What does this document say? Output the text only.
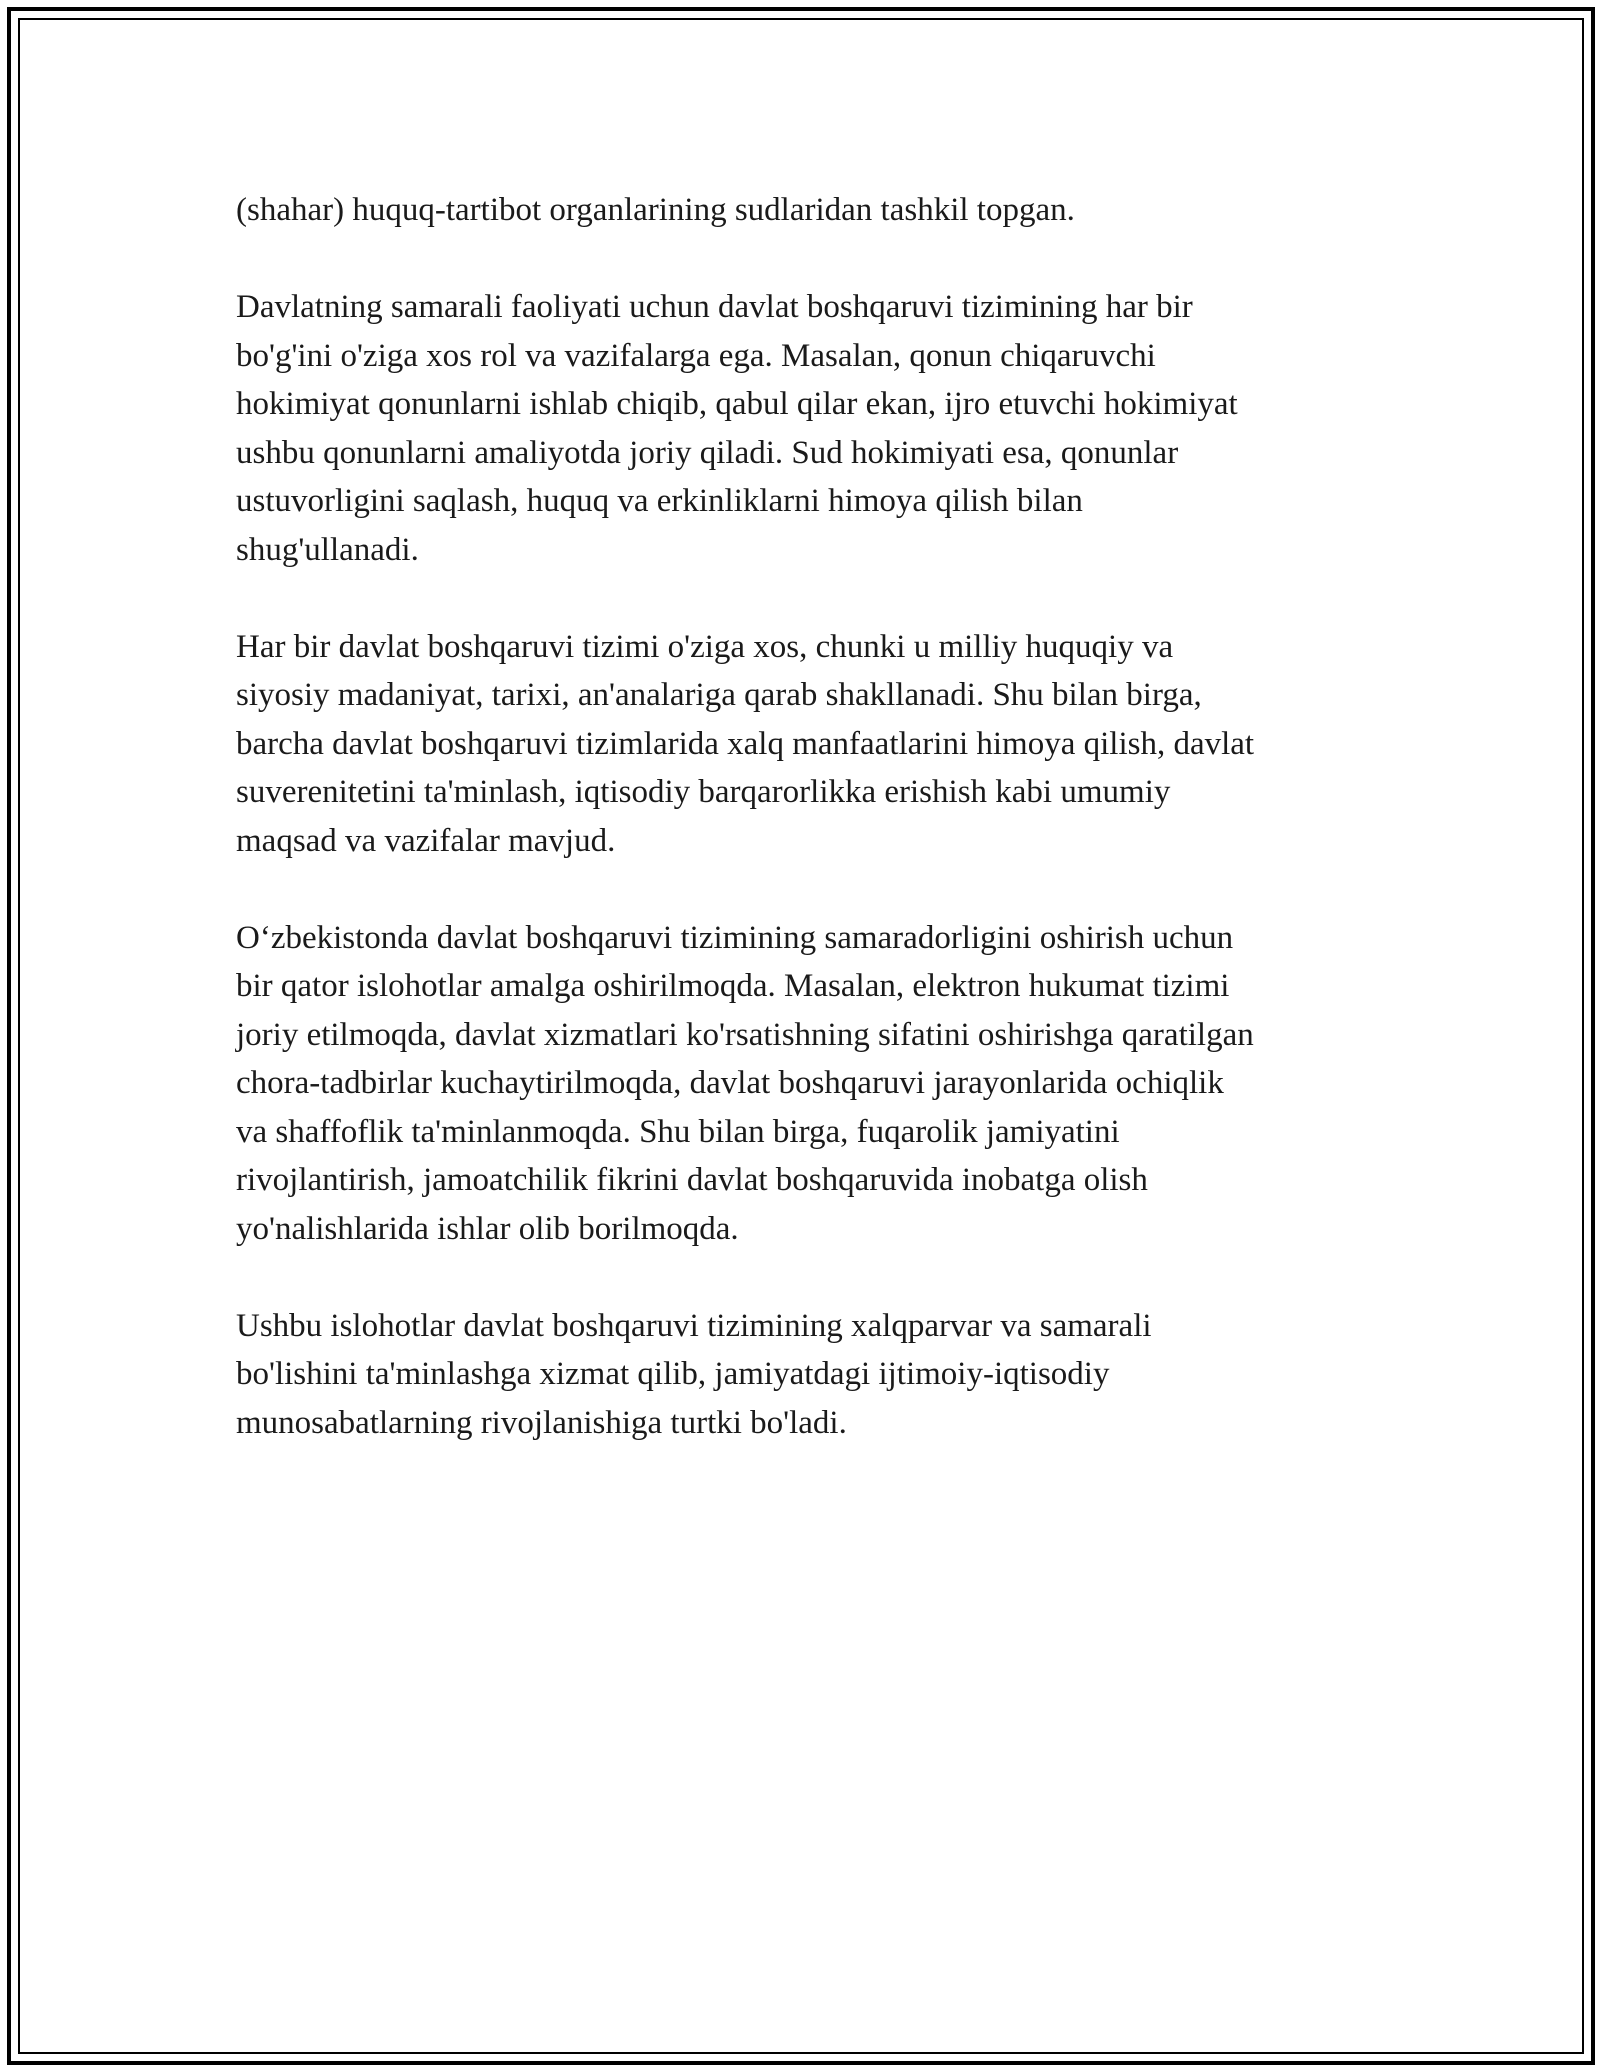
(shahar) huquq-tartibot organlarining sudlaridan tashkil topgan.

Davlatning samarali faoliyati uchun davlat boshqaruvi tizimining har bir
bo'g'ini o'ziga xos rol va vazifalarga ega. Masalan, qonun chiqaruvchi
hokimiyat qonunlarni ishlab chiqib, qabul qilar ekan, ijro etuvchi hokimiyat
ushbu qonunlarni amaliyotda joriy qiladi. Sud hokimiyati esa, qonunlar
ustuvorligini saqlash, huquq va erkinliklarni himoya qilish bilan
shug'ullanadi.

Har bir davlat boshqaruvi tizimi o'ziga xos, chunki u milliy huquqiy va
siyosiy madaniyat, tarixi, an'analariga qarab shakllanadi. Shu bilan birga,
barcha davlat boshqaruvi tizimlarida xalq manfaatlarini himoya qilish, davlat
suverenitetini ta'minlash, iqtisodiy barqarorlikka erishish kabi umumiy
maqsad va vazifalar mavjud.

O‘zbekistonda davlat boshqaruvi tizimining samaradorligini oshirish uchun
bir qator islohotlar amalga oshirilmoqda. Masalan, elektron hukumat tizimi
joriy etilmoqda, davlat xizmatlari ko'rsatishning sifatini oshirishga qaratilgan
chora-tadbirlar kuchaytirilmoqda, davlat boshqaruvi jarayonlarida ochiqlik
va shaffoflik ta'minlanmoqda. Shu bilan birga, fuqarolik jamiyatini
rivojlantirish, jamoatchilik fikrini davlat boshqaruvida inobatga olish
yo'nalishlarida ishlar olib borilmoqda.

Ushbu islohotlar davlat boshqaruvi tizimining xalqparvar va samarali
bo'lishini ta'minlashga xizmat qilib, jamiyatdagi ijtimoiy-iqtisodiy
munosabatlarning rivojlanishiga turtki bo'ladi.
